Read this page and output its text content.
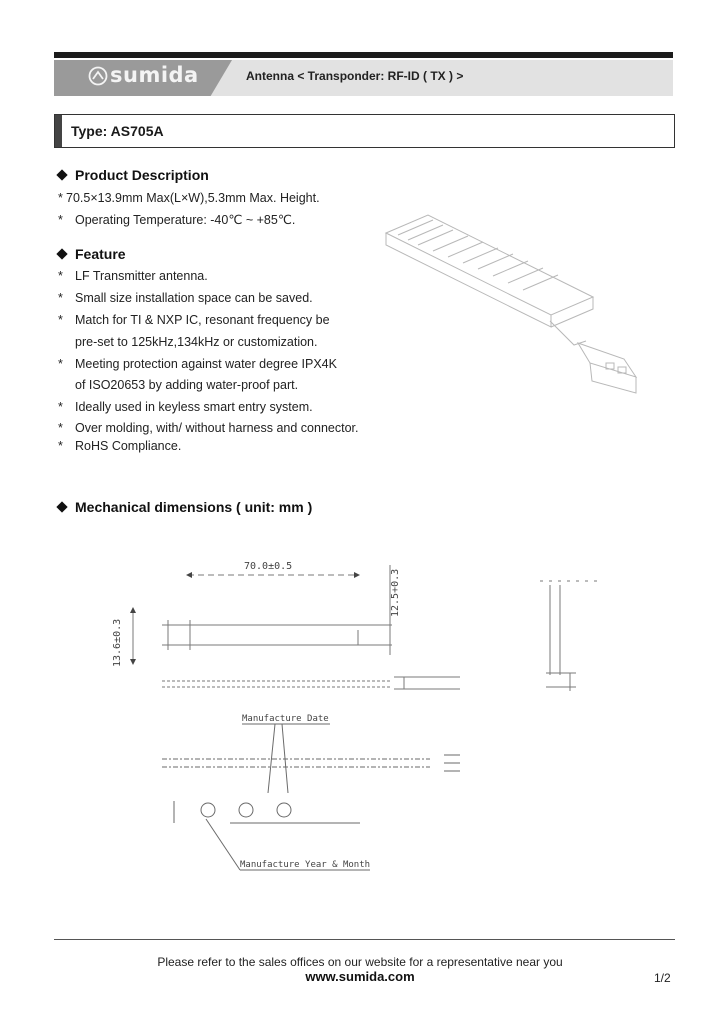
sumida	Antenna < Transponder: RF-ID ( TX ) >
Type: AS705A
Product Description
* 70.5×13.9mm Max(L×W),5.3mm Max. Height.
* Operating Temperature: -40℃ ~ +85℃.
Feature
* LF Transmitter antenna.
* Small size installation space can be saved.
* Match for TI & NXP IC, resonant frequency be
pre-set to 125kHz,134kHz or customization.
* Meeting protection against water degree IPX4K
of ISO20653 by adding water-proof part.
* Ideally used in keyless smart entry system.
* Over molding, with/ without harness and connector.
* RoHS Compliance.
Mechanical dimensions ( unit: mm )
70.0±0.5
13.6±0.3
12.5+0.3
Manufacture Date
Manufacture Year & Month
Please refer to the sales offices on our website for a representative near you
www.sumida.com	1/2
